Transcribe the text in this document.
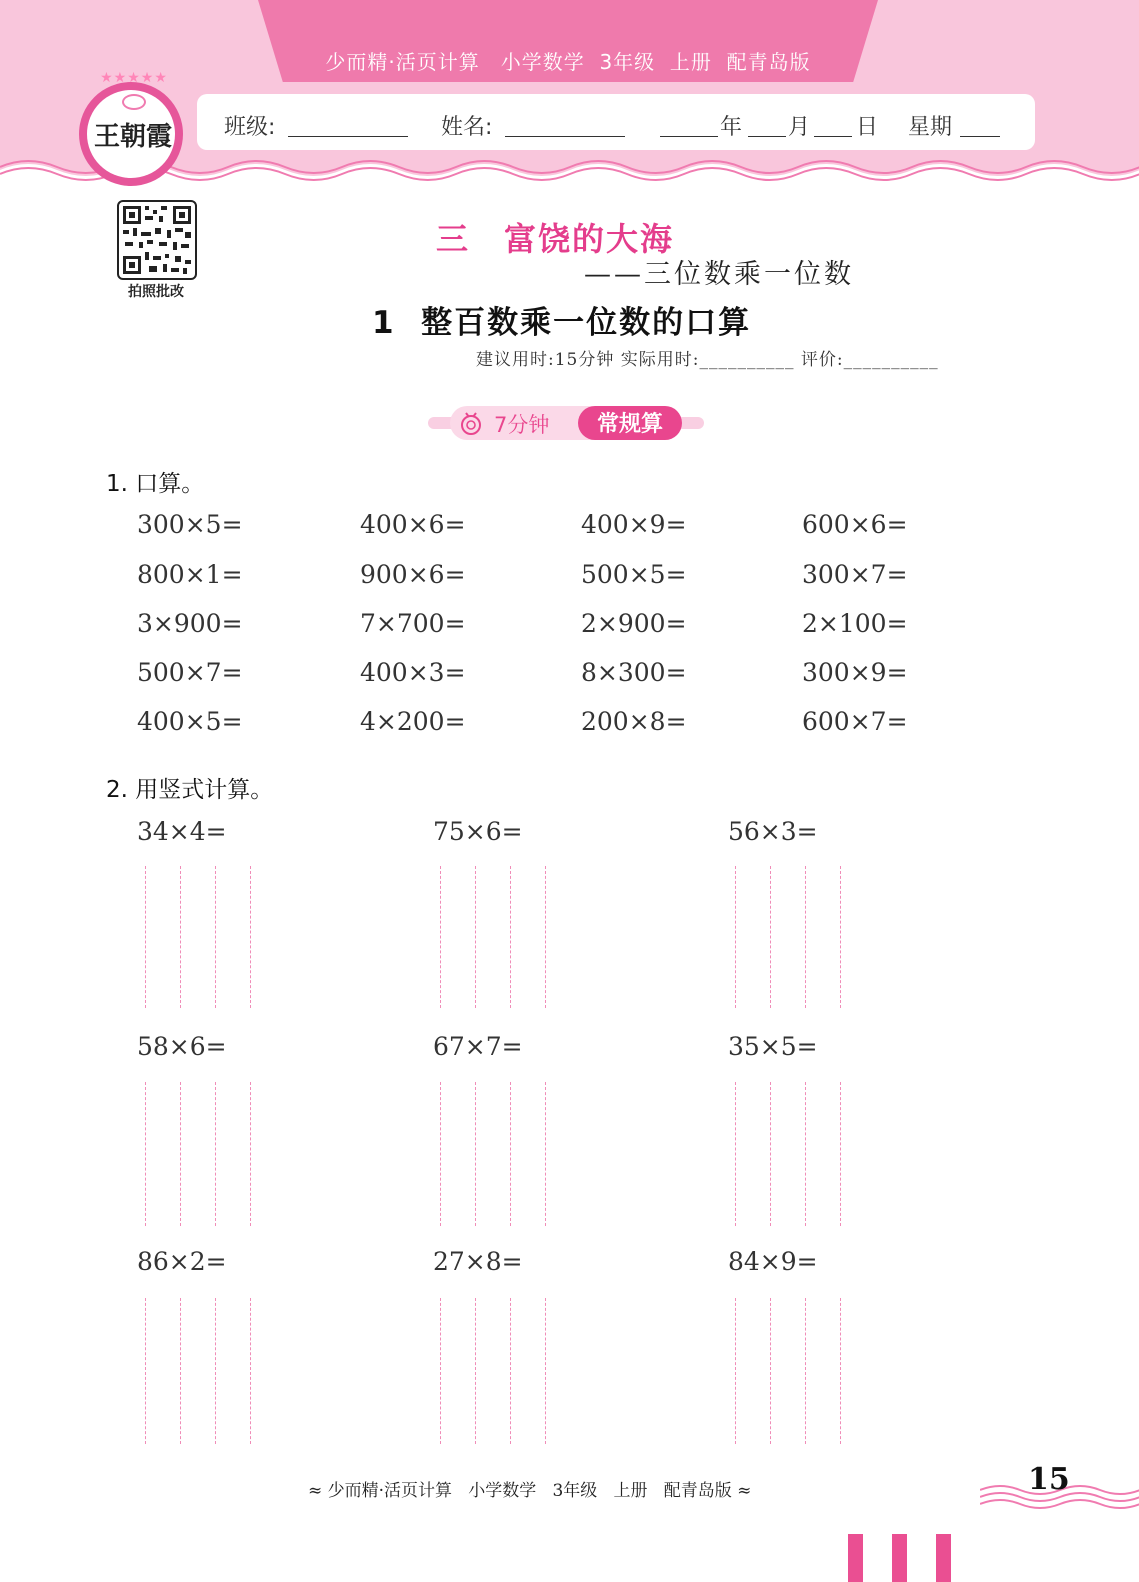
少而精·活页计算　小学数学  3年级  上册  配青岛版
班级:	姓名:	年 月 日 星期
★★★★★
王朝霞
拍照批改
三　富饶的大海
——三位数乘一位数
1  整百数乘一位数的口算
建议用时:15分钟 实际用时:__________ 评价:__________
7分钟	常规算
1. 口算。
300×5=	400×6=	400×9=	600×6=
800×1=	900×6=	500×5=	300×7=
3×900=	7×700=	2×900=	2×100=
500×7=	400×3=	8×300=	300×9=
400×5=	4×200=	200×8=	600×7=
2. 用竖式计算。
34×4=	75×6=	56×3=
58×6=	67×7=	35×5=
86×2=	27×8=	84×9=
≈ 少而精·活页计算   小学数学   3年级   上册   配青岛版 ≈	15
